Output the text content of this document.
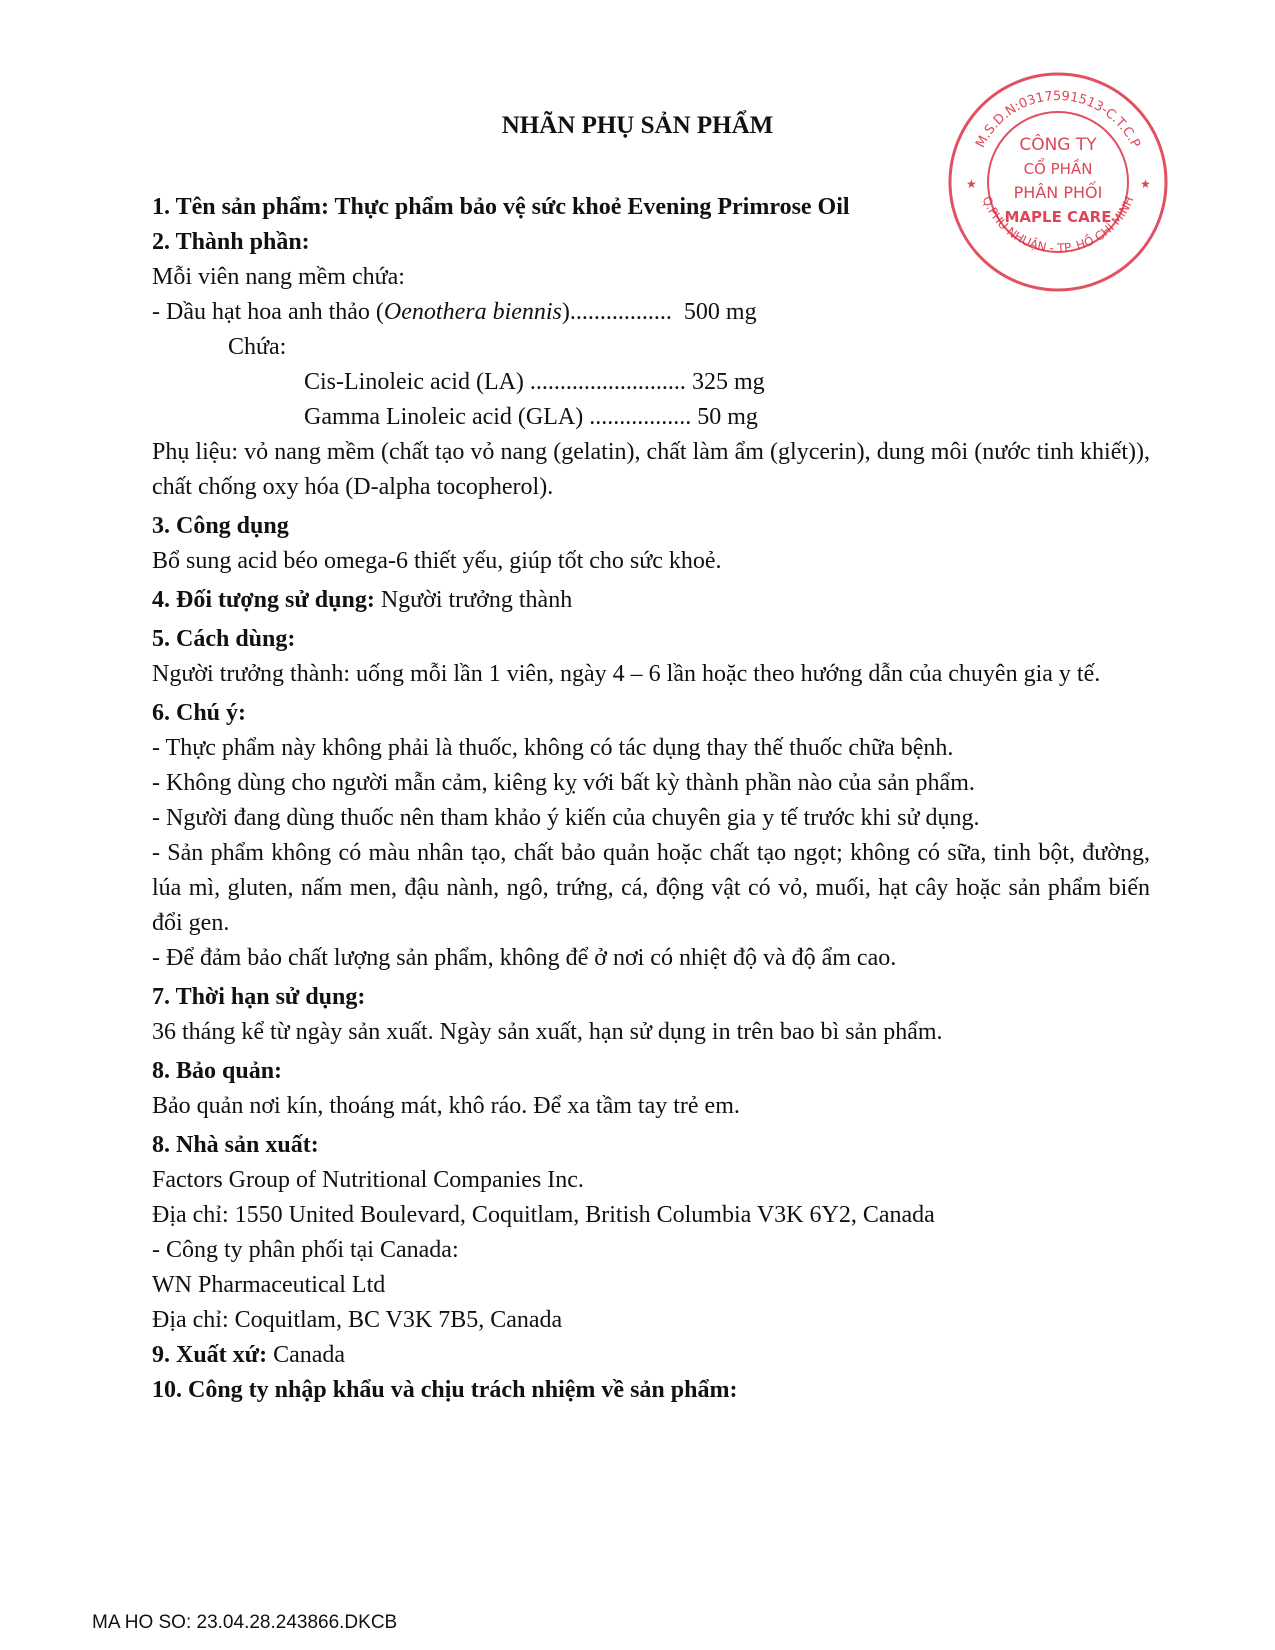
NHÃN PHỤ SẢN PHẨM

1. Tên sản phẩm: Thực phẩm bảo vệ sức khoẻ Evening Primrose Oil

2. Thành phần:

Mỗi viên nang mềm chứa:

- Dầu hạt hoa anh thảo (Oenothera biennis)................. 500 mg

Chứa:

Cis-Linoleic acid (LA) .......................... 325 mg

Gamma Linoleic acid (GLA) ................. 50 mg

Phụ liệu: vỏ nang mềm (chất tạo vỏ nang (gelatin), chất làm ẩm (glycerin), dung môi (nước tinh khiết)), chất chống oxy hóa (D-alpha tocopherol).

3. Công dụng

Bổ sung acid béo omega-6 thiết yếu, giúp tốt cho sức khoẻ.

4. Đối tượng sử dụng: Người trưởng thành

5. Cách dùng:

Người trưởng thành: uống mỗi lần 1 viên, ngày 4 – 6 lần hoặc theo hướng dẫn của chuyên gia y tế.

6. Chú ý:

- Thực phẩm này không phải là thuốc, không có tác dụng thay thế thuốc chữa bệnh.

- Không dùng cho người mẫn cảm, kiêng kỵ với bất kỳ thành phần nào của sản phẩm.

- Người đang dùng thuốc nên tham khảo ý kiến của chuyên gia y tế trước khi sử dụng.

- Sản phẩm không có màu nhân tạo, chất bảo quản hoặc chất tạo ngọt; không có sữa, tinh bột, đường, lúa mì, gluten, nấm men, đậu nành, ngô, trứng, cá, động vật có vỏ, muối, hạt cây hoặc sản phẩm biến đổi gen.

- Để đảm bảo chất lượng sản phẩm, không để ở nơi có nhiệt độ và độ ẩm cao.

7. Thời hạn sử dụng:

36 tháng kể từ ngày sản xuất. Ngày sản xuất, hạn sử dụng in trên bao bì sản phẩm.

8. Bảo quản:

Bảo quản nơi kín, thoáng mát, khô ráo. Để xa tầm tay trẻ em.

8. Nhà sản xuất:

Factors Group of Nutritional Companies Inc.

Địa chỉ: 1550 United Boulevard, Coquitlam, British Columbia V3K 6Y2, Canada

- Công ty phân phối tại Canada:

WN Pharmaceutical Ltd

Địa chỉ: Coquitlam, BC V3K 7B5, Canada

9. Xuất xứ: Canada

10. Công ty nhập khẩu và chịu trách nhiệm về sản phẩm:

M.S.D.N:0317591513-C.T.C.P
Q.PHÚ NHUẬN - TP. HỒ CHÍ MINH
★	★
CÔNG TY
CỔ PHẦN
PHÂN PHỐI
MAPLE CARE
MA HO SO: 23.04.28.243866.DKCB
